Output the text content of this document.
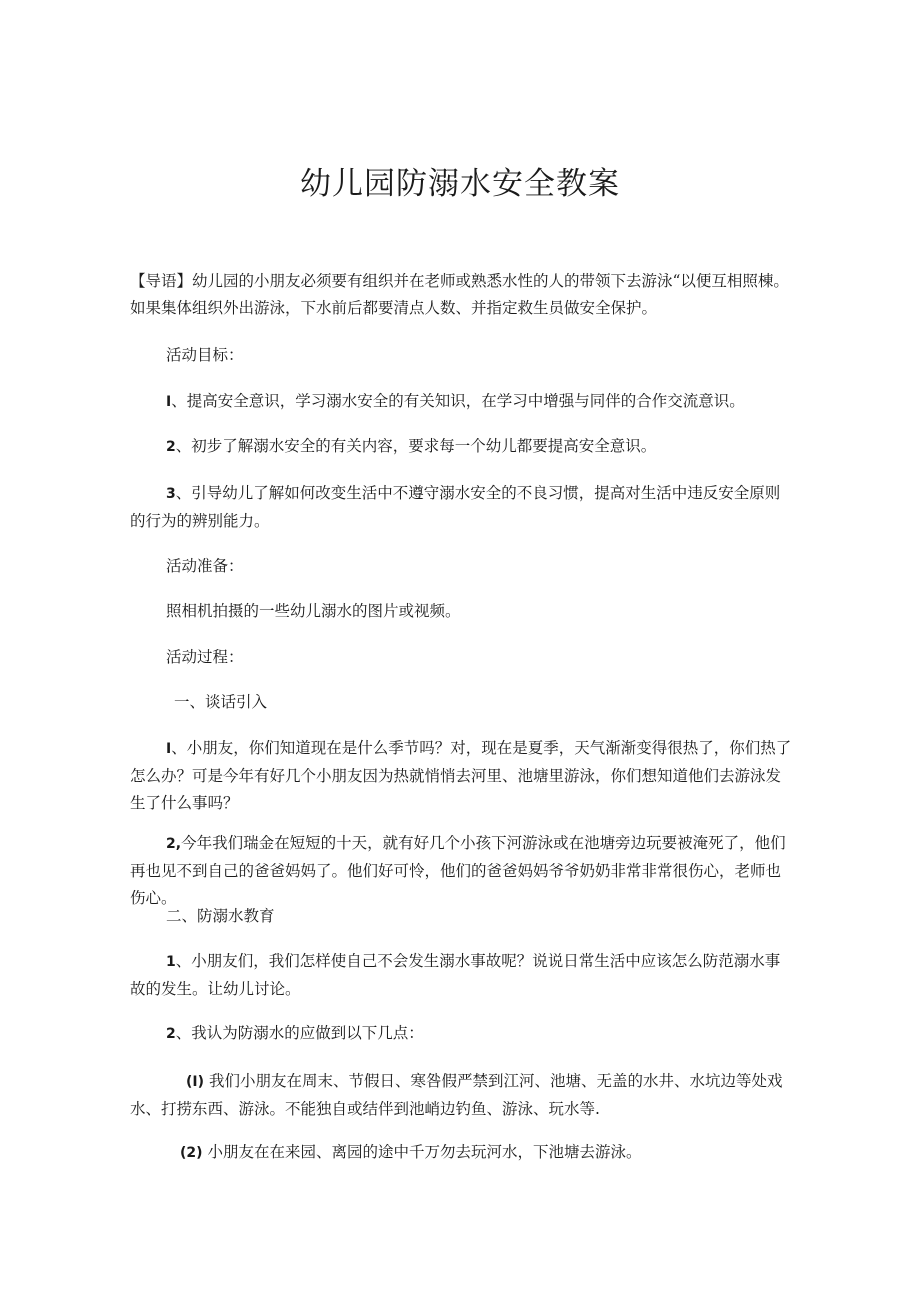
幼儿园防溺水安全教案

【导语】幼儿园的小朋友必须要有组织并在老师或熟悉水性的人的带领下去游泳“以便互相照棟。如果集体组织外出游泳，下水前后都要清点人数、并指定救生员做安全保护。

活动目标：

I、提高安全意识，学习溺水安全的有关知识，在学习中增强与同伴的合作交流意识。

2、初步了解溺水安全的有关内容，要求每一个幼儿都要提高安全意识。

3、引导幼儿了解如何改变生活中不遵守溺水安全的不良习惯，提高对生活中违反安全原则的行为的辨别能力。

活动准备：

照相机拍摄的一些幼儿溺水的图片或视频。

活动过程：

一、谈话引入

I、小朋友，你们知道现在是什么季节吗？对，现在是夏季，天气渐渐变得很热了，你们热了怎么办？可是今年有好几个小朋友因为热就悄悄去河里、池塘里游泳，你们想知道他们去游泳发生了什么事吗？

2,今年我们瑞金在短短的十天，就有好几个小孩下河游泳或在池塘旁边玩要被淹死了，他们再也见不到自己的爸爸妈妈了。他们好可怜，他们的爸爸妈妈爷爷奶奶非常非常很伤心，老师也伤心。

二、防溺水教育

1、小朋友们，我们怎样使自己不会发生溺水事故呢？说说日常生活中应该怎么防范溺水事故的发生。让幼儿讨论。

2、我认为防溺水的应做到以下几点：

(I) 我们小朋友在周末、节假日、寒咎假严禁到江河、池塘、无盖的水井、水坑边等处戏水、打捞东西、游泳。不能独自或结伴到池峭边钓鱼、游泳、玩水等.

(2) 小朋友在在来园、离园的途中千万勿去玩河水，下池塘去游泳。
